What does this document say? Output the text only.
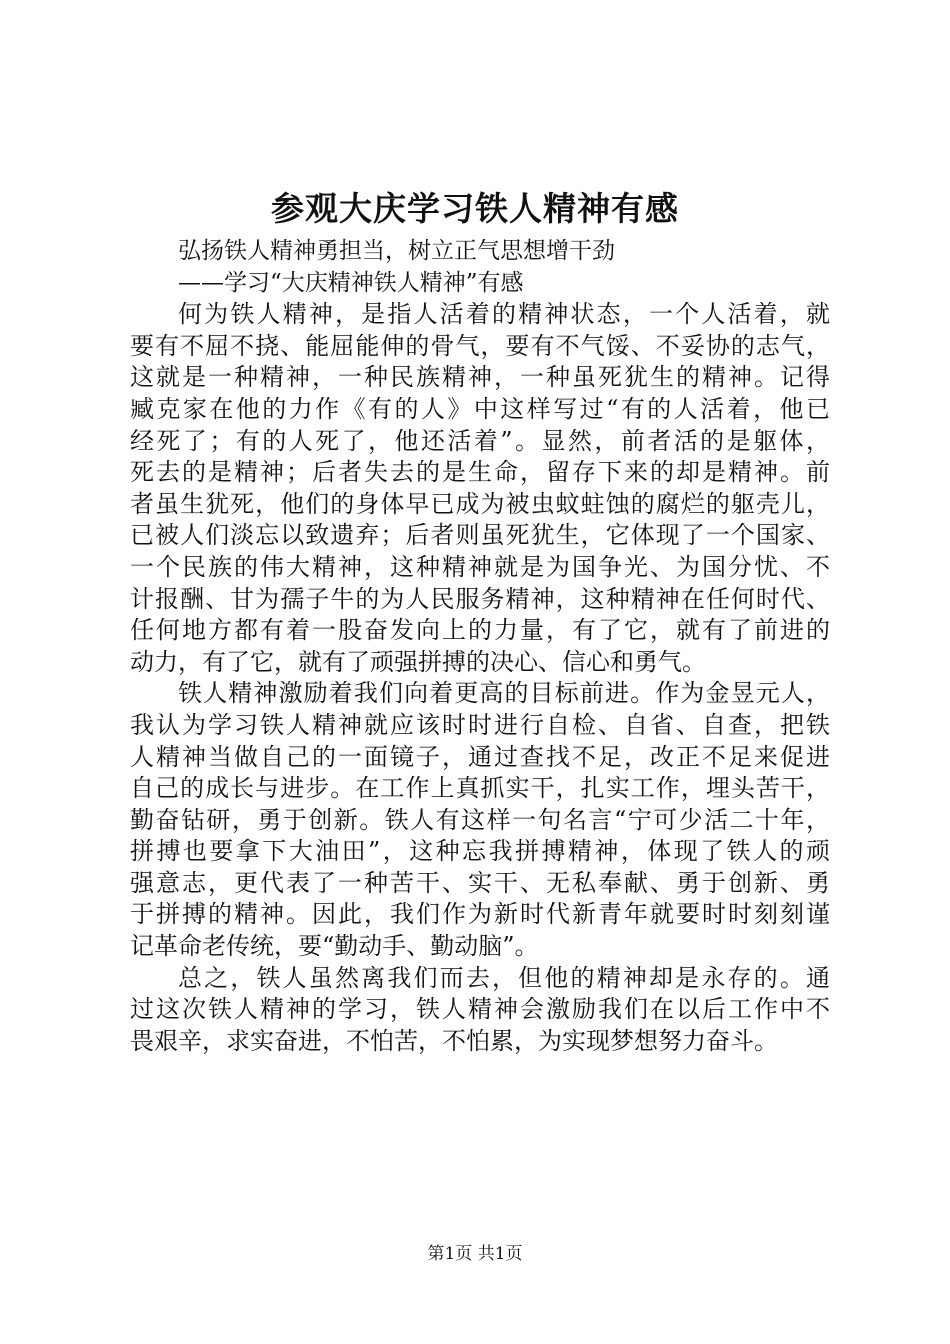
参观大庆学习铁人精神有感

弘扬铁人精神勇担当，树立正气思想增干劲

——学习“大庆精神铁人精神”有感

何为铁人精神，是指人活着的精神状态，一个人活着，就

要有不屈不挠、能屈能伸的骨气，要有不气馁、不妥协的志气，

这就是一种精神，一种民族精神，一种虽死犹生的精神。记得

臧克家在他的力作《有的人》中这样写过“有的人活着，他已

经死了；有的人死了，他还活着”。显然，前者活的是躯体，

死去的是精神；后者失去的是生命，留存下来的却是精神。前

者虽生犹死，他们的身体早已成为被虫蚊蛀蚀的腐烂的躯壳儿，

已被人们淡忘以致遗弃；后者则虽死犹生，它体现了一个国家、

一个民族的伟大精神，这种精神就是为国争光、为国分忧、不

计报酬、甘为孺子牛的为人民服务精神，这种精神在任何时代、

任何地方都有着一股奋发向上的力量，有了它，就有了前进的

动力，有了它，就有了顽强拼搏的决心、信心和勇气。

铁人精神激励着我们向着更高的目标前进。作为金昱元人，

我认为学习铁人精神就应该时时进行自检、自省、自查，把铁

人精神当做自己的一面镜子，通过查找不足，改正不足来促进

自己的成长与进步。在工作上真抓实干，扎实工作，埋头苦干，

勤奋钻研，勇于创新。铁人有这样一句名言“宁可少活二十年，

拼搏也要拿下大油田”，这种忘我拼搏精神，体现了铁人的顽

强意志，更代表了一种苦干、实干、无私奉献、勇于创新、勇

于拼搏的精神。因此，我们作为新时代新青年就要时时刻刻谨

记革命老传统，要“勤动手、勤动脑”。

总之，铁人虽然离我们而去，但他的精神却是永存的。通

过这次铁人精神的学习，铁人精神会激励我们在以后工作中不

畏艰辛，求实奋进，不怕苦，不怕累，为实现梦想努力奋斗。

第1页 共1页
